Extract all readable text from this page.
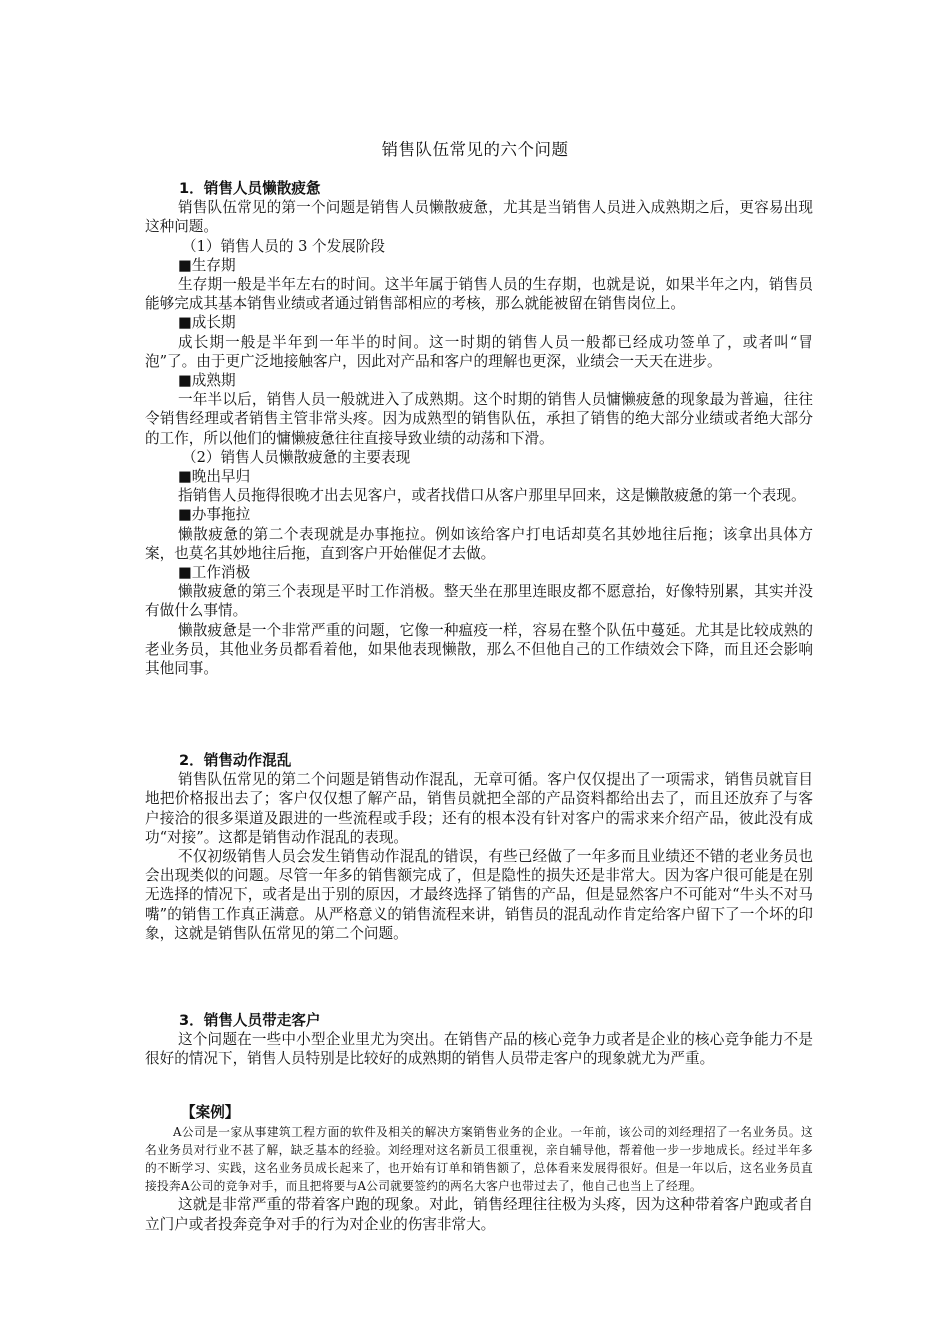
销售队伍常见的六个问题

1．销售人员懒散疲惫

销售队伍常见的第一个问题是销售人员懒散疲惫，尤其是当销售人员进入成熟期之后，更容易出现这种问题。

（1）销售人员的 3 个发展阶段

■生存期

生存期一般是半年左右的时间。这半年属于销售人员的生存期，也就是说，如果半年之内，销售员能够完成其基本销售业绩或者通过销售部相应的考核，那么就能被留在销售岗位上。

■成长期

成长期一般是半年到一年半的时间。这一时期的销售人员一般都已经成功签单了，或者叫“冒泡”了。由于更广泛地接触客户，因此对产品和客户的理解也更深，业绩会一天天在进步。

■成熟期

一年半以后，销售人员一般就进入了成熟期。这个时期的销售人员慵懒疲惫的现象最为普遍，往往令销售经理或者销售主管非常头疼。因为成熟型的销售队伍，承担了销售的绝大部分业绩或者绝大部分的工作，所以他们的慵懒疲惫往往直接导致业绩的动荡和下滑。

（2）销售人员懒散疲惫的主要表现

■晚出早归

指销售人员拖得很晚才出去见客户，或者找借口从客户那里早回来，这是懒散疲惫的第一个表现。

■办事拖拉

懒散疲惫的第二个表现就是办事拖拉。例如该给客户打电话却莫名其妙地往后拖；该拿出具体方案，也莫名其妙地往后拖，直到客户开始催促才去做。

■工作消极

懒散疲惫的第三个表现是平时工作消极。整天坐在那里连眼皮都不愿意抬，好像特别累，其实并没有做什么事情。

懒散疲惫是一个非常严重的问题，它像一种瘟疫一样，容易在整个队伍中蔓延。尤其是比较成熟的老业务员，其他业务员都看着他，如果他表现懒散，那么不但他自己的工作绩效会下降，而且还会影响其他同事。

2．销售动作混乱

销售队伍常见的第二个问题是销售动作混乱，无章可循。客户仅仅提出了一项需求，销售员就盲目地把价格报出去了；客户仅仅想了解产品，销售员就把全部的产品资料都给出去了，而且还放弃了与客户接洽的很多渠道及跟进的一些流程或手段；还有的根本没有针对客户的需求来介绍产品，彼此没有成功“对接”。这都是销售动作混乱的表现。

不仅初级销售人员会发生销售动作混乱的错误，有些已经做了一年多而且业绩还不错的老业务员也会出现类似的问题。尽管一年多的销售额完成了，但是隐性的损失还是非常大。因为客户很可能是在别无选择的情况下，或者是出于别的原因，才最终选择了销售的产品，但是显然客户不可能对“牛头不对马嘴”的销售工作真正满意。从严格意义的销售流程来讲，销售员的混乱动作肯定给客户留下了一个坏的印象，这就是销售队伍常见的第二个问题。

3．销售人员带走客户

这个问题在一些中小型企业里尤为突出。在销售产品的核心竞争力或者是企业的核心竞争能力不是很好的情况下，销售人员特别是比较好的成熟期的销售人员带走客户的现象就尤为严重。

【案例】

A公司是一家从事建筑工程方面的软件及相关的解决方案销售业务的企业。一年前，该公司的刘经理招了一名业务员。这名业务员对行业不甚了解，缺乏基本的经验。刘经理对这名新员工很重视，亲自辅导他，帮着他一步一步地成长。经过半年多的不断学习、实践，这名业务员成长起来了，也开始有订单和销售额了，总体看来发展得很好。但是一年以后，这名业务员直接投奔A公司的竞争对手，而且把将要与A公司就要签约的两名大客户也带过去了，他自己也当上了经理。

这就是非常严重的带着客户跑的现象。对此，销售经理往往极为头疼，因为这种带着客户跑或者自立门户或者投奔竞争对手的行为对企业的伤害非常大。
